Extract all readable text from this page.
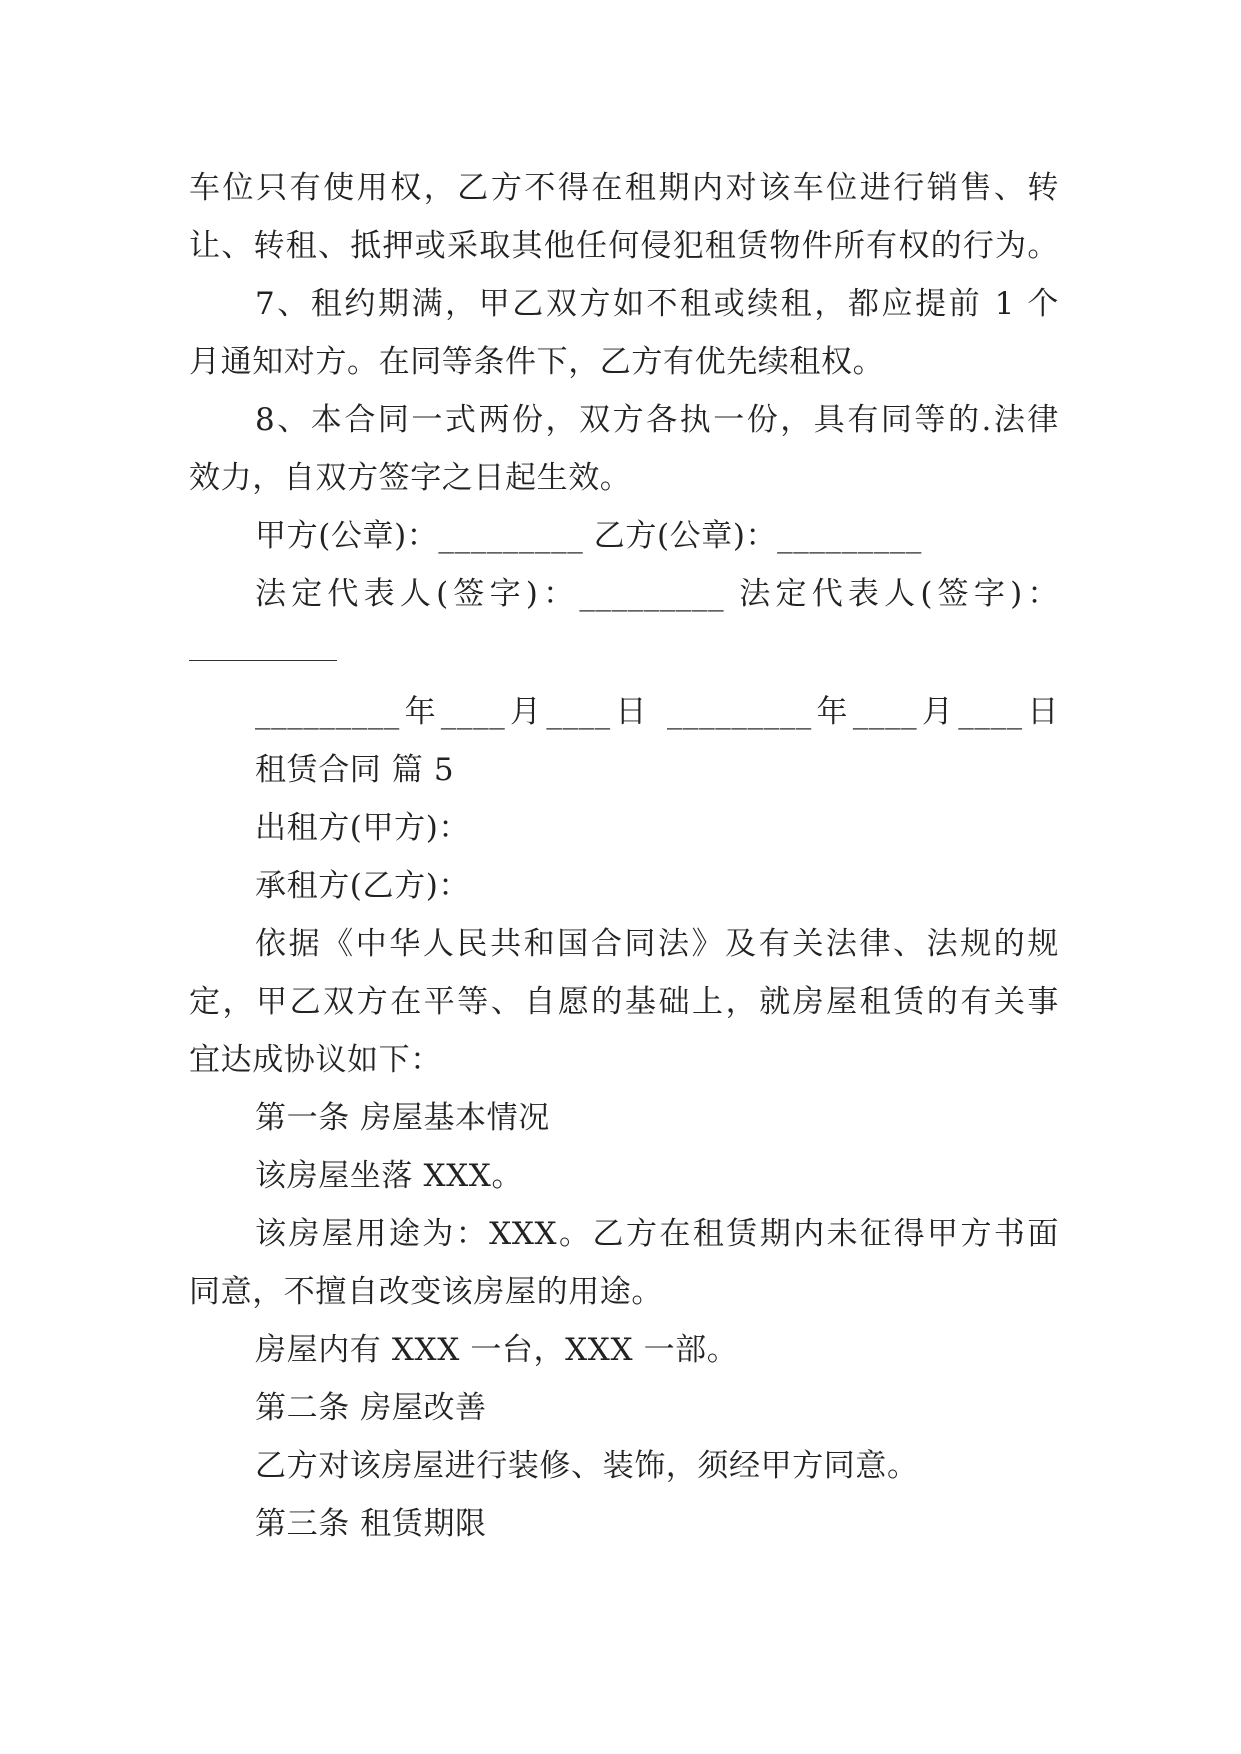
车位只有使用权，乙方不得在租期内对该车位进行销售、转
让、转租、抵押或采取其他任何侵犯租赁物件所有权的行为。
7、租约期满，甲乙双方如不租或续租，都应提前 1 个
月通知对方。在同等条件下，乙方有优先续租权。
8、本合同一式两份，双方各执一份，具有同等的.法律
效力，自双方签字之日起生效。
甲方(公章)：_________ 乙方(公章)：_________
法定代表人(签字)：_________ 法定代表人(签字)：
_________年____月____日 _________年____月____日
租赁合同 篇 5
出租方(甲方)：
承租方(乙方)：
依据《中华人民共和国合同法》及有关法律、法规的规
定，甲乙双方在平等、自愿的基础上，就房屋租赁的有关事
宜达成协议如下：
第一条 房屋基本情况
该房屋坐落 XXX。
该房屋用途为：XXX。乙方在租赁期内未征得甲方书面
同意，不擅自改变该房屋的用途。
房屋内有 XXX 一台，XXX 一部。
第二条 房屋改善
乙方对该房屋进行装修、装饰，须经甲方同意。
第三条 租赁期限
